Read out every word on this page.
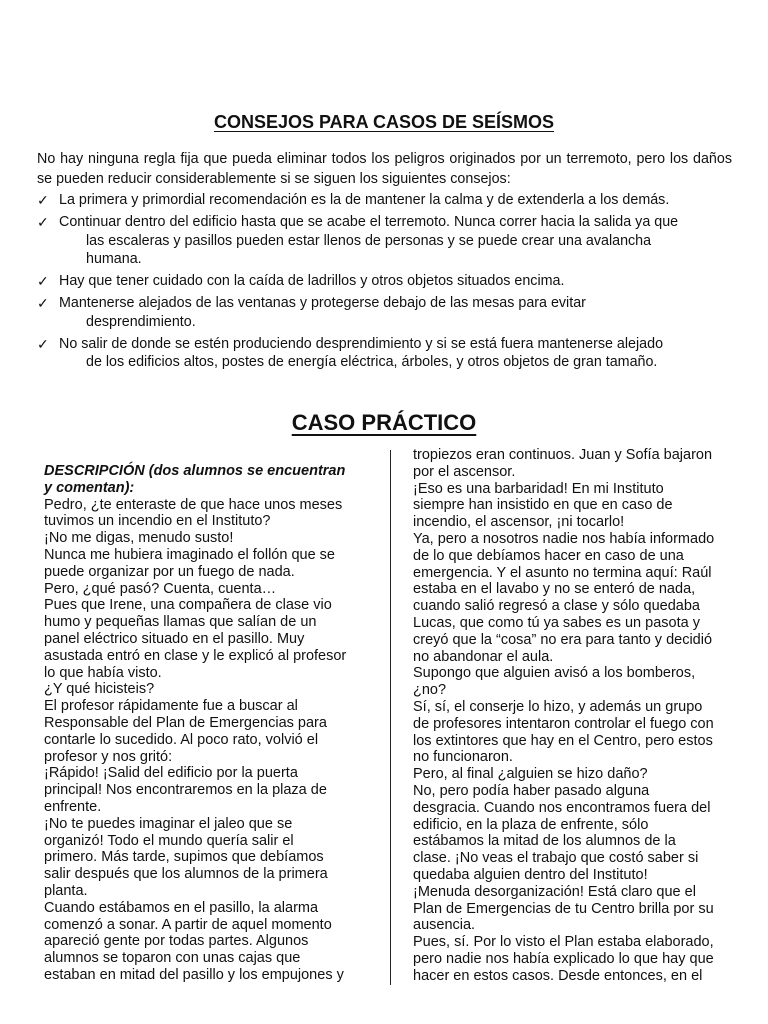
CONSEJOS PARA CASOS DE SEÍSMOS

No hay ninguna regla fija que pueda eliminar todos los peligros originados por un terremoto, pero los daños se pueden reducir considerablemente si se siguen los siguientes consejos:

✓ La primera y primordial recomendación es la de mantener la calma y de extenderla a los demás.
✓ Continuar dentro del edificio hasta que se acabe el terremoto. Nunca correr hacia la salida ya que
las escaleras y pasillos pueden estar llenos de personas y se puede crear una avalancha
humana.
✓ Hay que tener cuidado con la caída de ladrillos y otros objetos situados encima.
✓ Mantenerse alejados de las ventanas y protegerse debajo de las mesas para evitar
desprendimiento.
✓ No salir de donde se estén produciendo desprendimiento y si se está fuera mantenerse alejado
de los edificios altos, postes de energía eléctrica, árboles, y otros objetos de gran tamaño.
CASO PRÁCTICO
DESCRIPCIÓN (dos alumnos se encuentran
y comentan):
Pedro, ¿te enteraste de que hace unos meses
tuvimos un incendio en el Instituto?
¡No me digas, menudo susto!
Nunca me hubiera imaginado el follón que se
puede organizar por un fuego de nada.
Pero, ¿qué pasó? Cuenta, cuenta…
Pues que Irene, una compañera de clase vio
humo y pequeñas llamas que salían de un
panel eléctrico situado en el pasillo. Muy
asustada entró en clase y le explicó al profesor
lo que había visto.
¿Y qué hicisteis?
El profesor rápidamente fue a buscar al
Responsable del Plan de Emergencias para
contarle lo sucedido. Al poco rato, volvió el
profesor y nos gritó:
¡Rápido! ¡Salid del edificio por la puerta
principal! Nos encontraremos en la plaza de
enfrente.
¡No te puedes imaginar el jaleo que se
organizó! Todo el mundo quería salir el
primero. Más tarde, supimos que debíamos
salir después que los alumnos de la primera
planta.
Cuando estábamos en el pasillo, la alarma
comenzó a sonar. A partir de aquel momento
apareció gente por todas partes. Algunos
alumnos se toparon con unas cajas que
estaban en mitad del pasillo y los empujones y
tropiezos eran continuos. Juan y Sofía bajaron
por el ascensor.
¡Eso es una barbaridad! En mi Instituto
siempre han insistido en que en caso de
incendio, el ascensor, ¡ni tocarlo!
Ya, pero a nosotros nadie nos había informado
de lo que debíamos hacer en caso de una
emergencia. Y el asunto no termina aquí: Raúl
estaba en el lavabo y no se enteró de nada,
cuando salió regresó a clase y sólo quedaba
Lucas, que como tú ya sabes es un pasota y
creyó que la “cosa” no era para tanto y decidió
no abandonar el aula.
Supongo que alguien avisó a los bomberos,
¿no?
Sí, sí, el conserje lo hizo, y además un grupo
de profesores intentaron controlar el fuego con
los extintores que hay en el Centro, pero estos
no funcionaron.
Pero, al final ¿alguien se hizo daño?
No, pero podía haber pasado alguna
desgracia. Cuando nos encontramos fuera del
edificio, en la plaza de enfrente, sólo
estábamos la mitad de los alumnos de la
clase. ¡No veas el trabajo que costó saber si
quedaba alguien dentro del Instituto!
¡Menuda desorganización! Está claro que el
Plan de Emergencias de tu Centro brilla por su
ausencia.
Pues, sí. Por lo visto el Plan estaba elaborado,
pero nadie nos había explicado lo que hay que
hacer en estos casos. Desde entonces, en el
